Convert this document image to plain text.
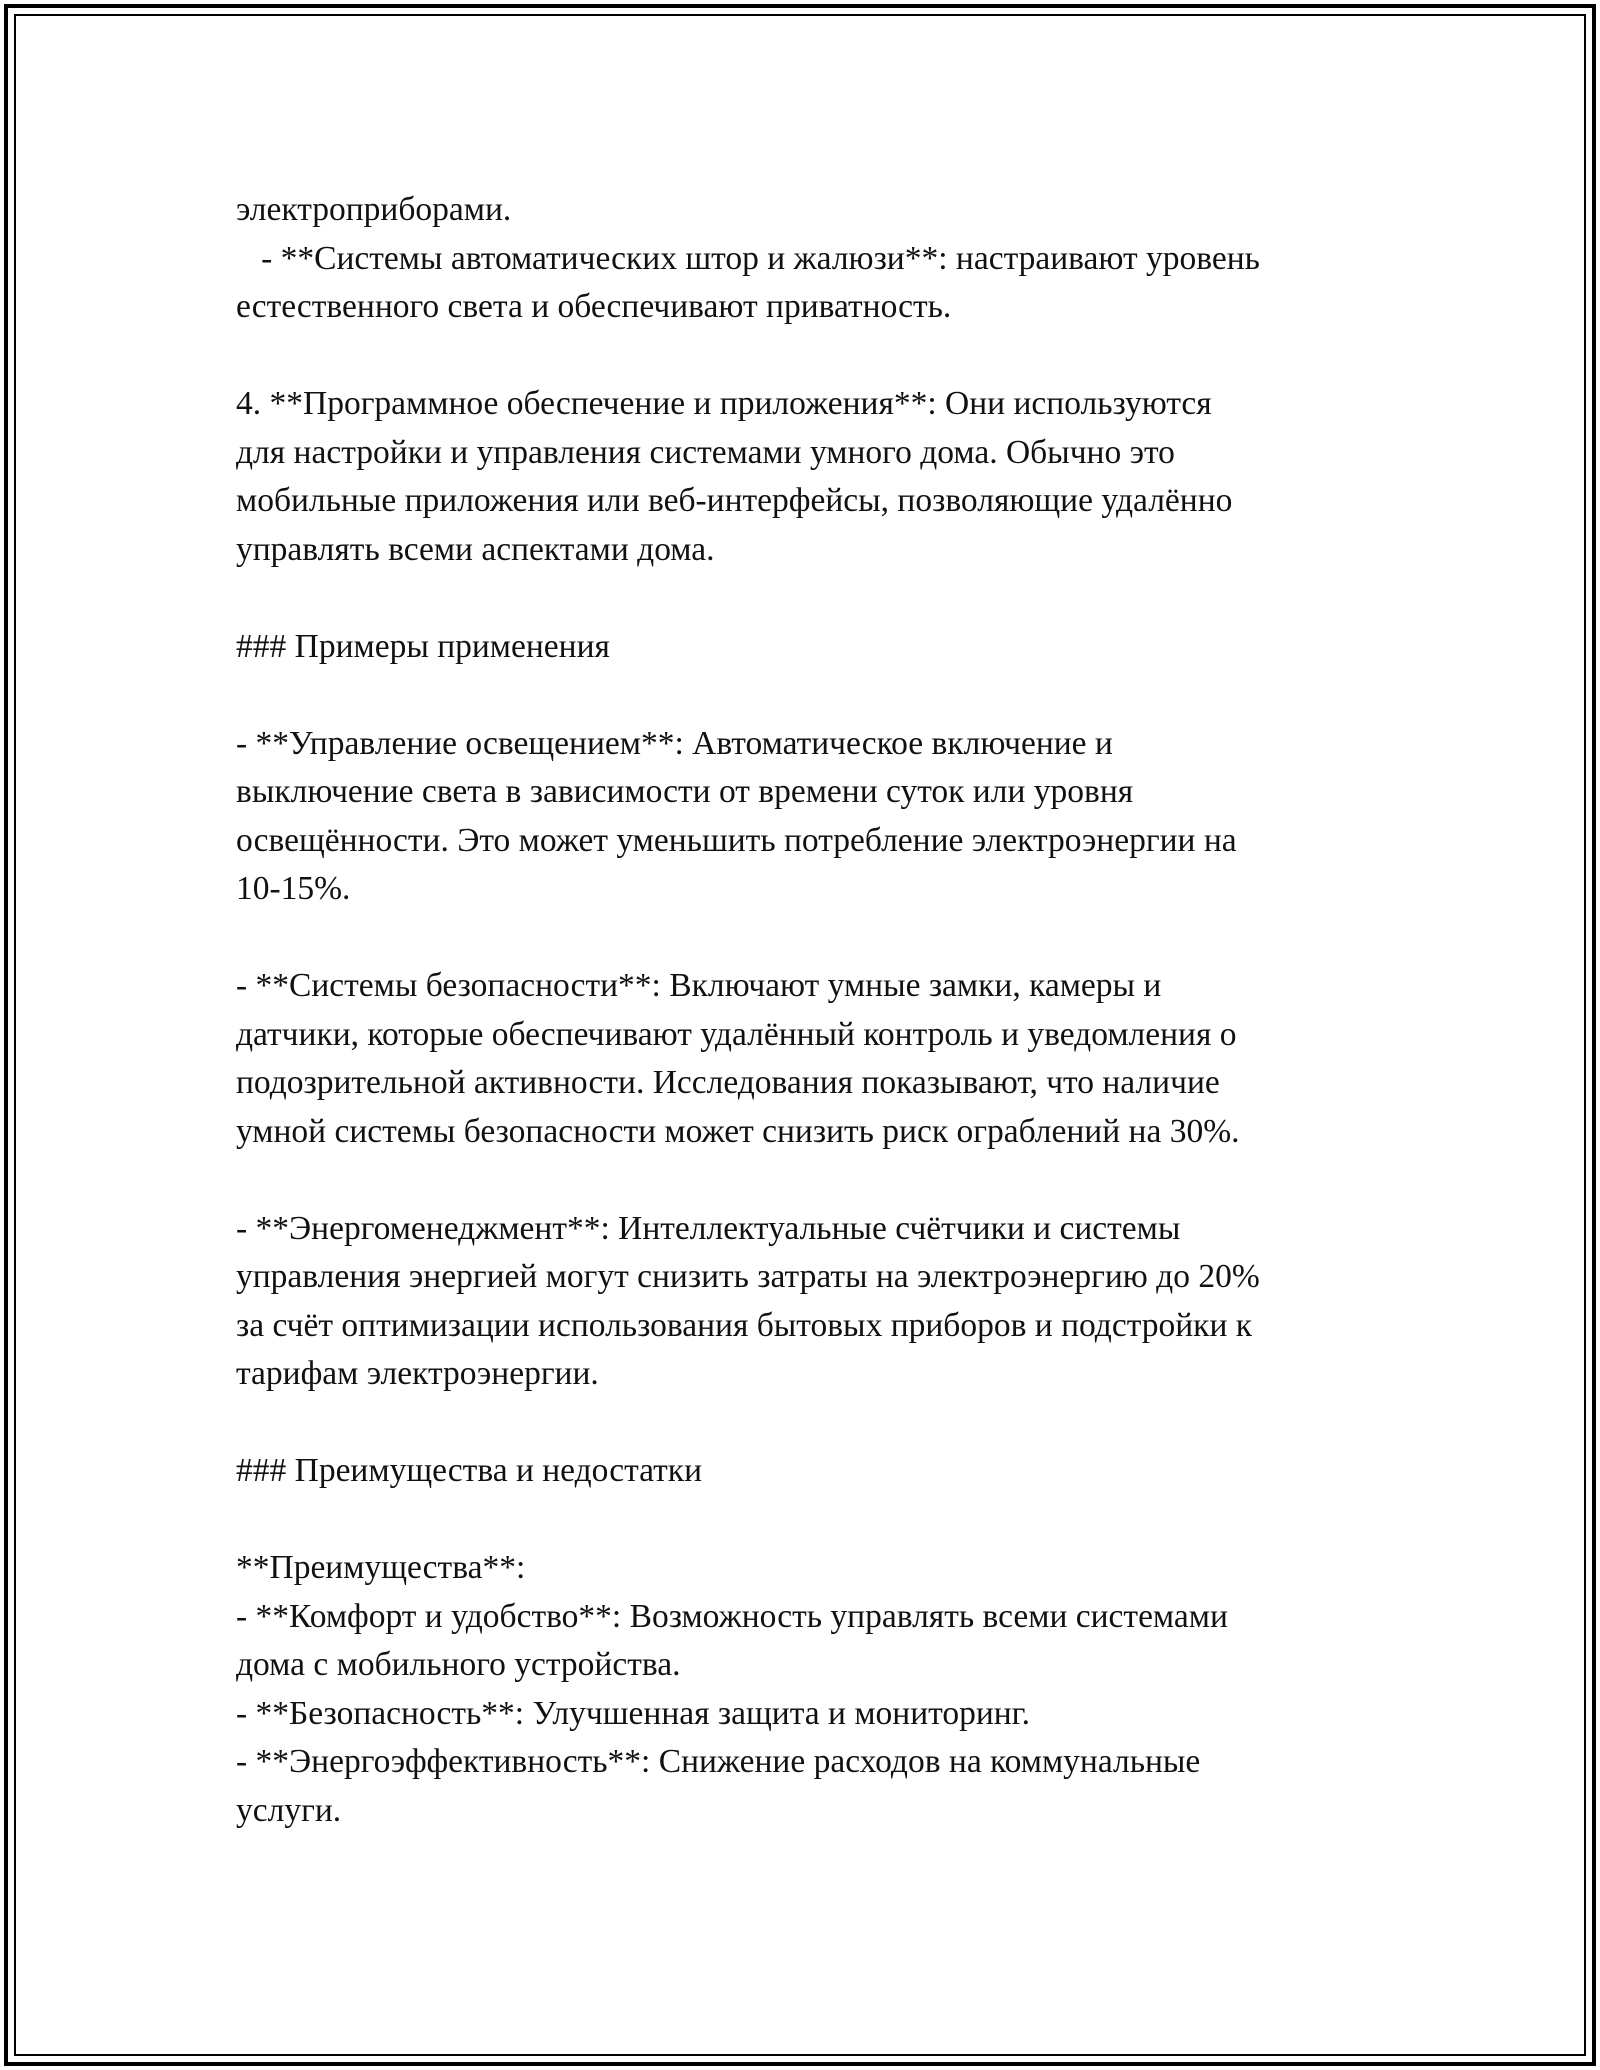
электроприборами.
- **Системы автоматических штор и жалюзи**: настраивают уровень
естественного света и обеспечивают приватность.
4. **Программное обеспечение и приложения**: Они используются
для настройки и управления системами умного дома. Обычно это
мобильные приложения или веб-интерфейсы, позволяющие удалённо
управлять всеми аспектами дома.
### Примеры применения
- **Управление освещением**: Автоматическое включение и
выключение света в зависимости от времени суток или уровня
освещённости. Это может уменьшить потребление электроэнергии на
10-15%.
- **Системы безопасности**: Включают умные замки, камеры и
датчики, которые обеспечивают удалённый контроль и уведомления о
подозрительной активности. Исследования показывают, что наличие
умной системы безопасности может снизить риск ограблений на 30%.
- **Энергоменеджмент**: Интеллектуальные счётчики и системы
управления энергией могут снизить затраты на электроэнергию до 20%
за счёт оптимизации использования бытовых приборов и подстройки к
тарифам электроэнергии.
### Преимущества и недостатки
**Преимущества**:
- **Комфорт и удобство**: Возможность управлять всеми системами
дома с мобильного устройства.
- **Безопасность**: Улучшенная защита и мониторинг.
- **Энергоэффективность**: Снижение расходов на коммунальные
услуги.
